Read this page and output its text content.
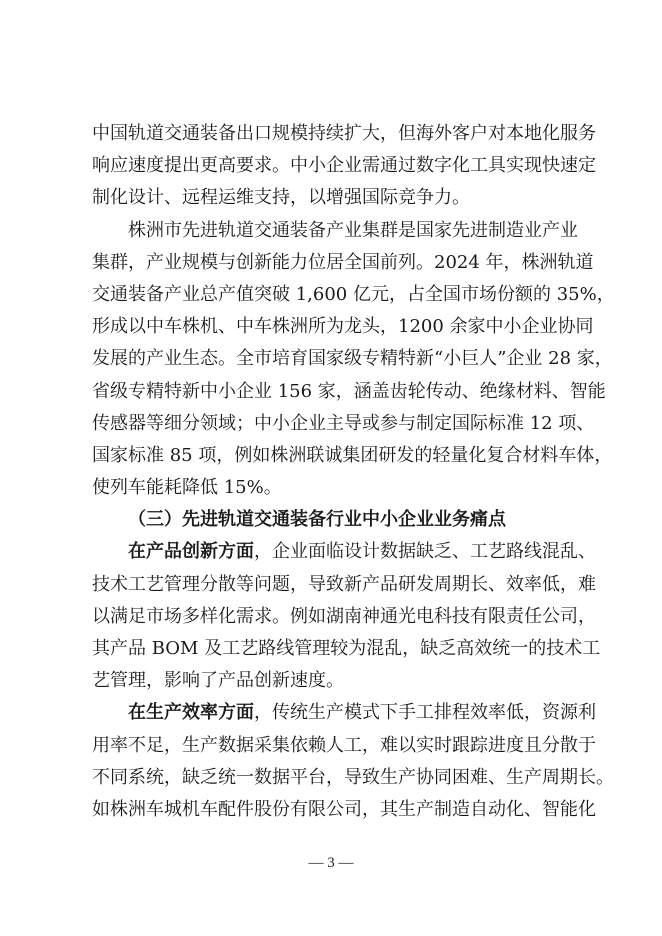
中国轨道交通装备出口规模持续扩大，但海外客户对本地化服务
响应速度提出更高要求。中小企业需通过数字化工具实现快速定
制化设计、远程运维支持，以增强国际竞争力。
株洲市先进轨道交通装备产业集群是国家先进制造业产业
集群，产业规模与创新能力位居全国前列。2024 年，株洲轨道
交通装备产业总产值突破 1,600 亿元，占全国市场份额的 35%，
形成以中车株机、中车株洲所为龙头，1200 余家中小企业协同
发展的产业生态。全市培育国家级专精特新“小巨人”企业 28 家，
省级专精特新中小企业 156 家，涵盖齿轮传动、绝缘材料、智能
传感器等细分领域；中小企业主导或参与制定国际标准 12 项、
国家标准 85 项，例如株洲联诚集团研发的轻量化复合材料车体，
使列车能耗降低 15%。
（三）先进轨道交通装备行业中小企业业务痛点
在产品创新方面，企业面临设计数据缺乏、工艺路线混乱、
技术工艺管理分散等问题，导致新产品研发周期长、效率低，难
以满足市场多样化需求。例如湖南神通光电科技有限责任公司，
其产品 BOM 及工艺路线管理较为混乱，缺乏高效统一的技术工
艺管理，影响了产品创新速度。
在生产效率方面，传统生产模式下手工排程效率低，资源利
用率不足，生产数据采集依赖人工，难以实时跟踪进度且分散于
不同系统，缺乏统一数据平台，导致生产协同困难、生产周期长。
如株洲车城机车配件股份有限公司，其生产制造自动化、智能化
— 3 —
